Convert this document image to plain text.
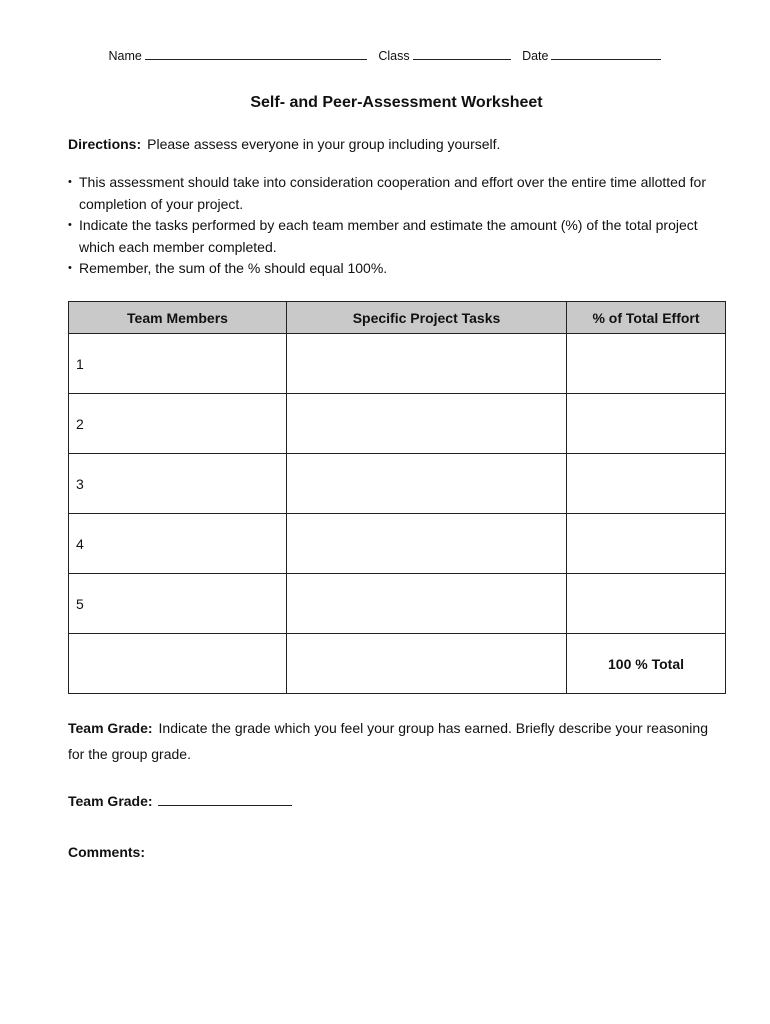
Name	Class	Date
Self- and Peer-Assessment Worksheet
Directions: Please assess everyone in your group including yourself.
• This assessment should take into consideration cooperation and effort over the entire time allotted for completion of your project.
• Indicate the tasks performed by each team member and estimate the amount (%) of the total project which each member completed.
• Remember, the sum of the % should equal 100%.
Team Members	Specific Project Tasks	% of Total Effort
1		
2		
3		
4		
5		
		100 % Total
Team Grade: Indicate the grade which you feel your group has earned. Briefly describe your reasoning for the group grade.
Team Grade:
Comments:
